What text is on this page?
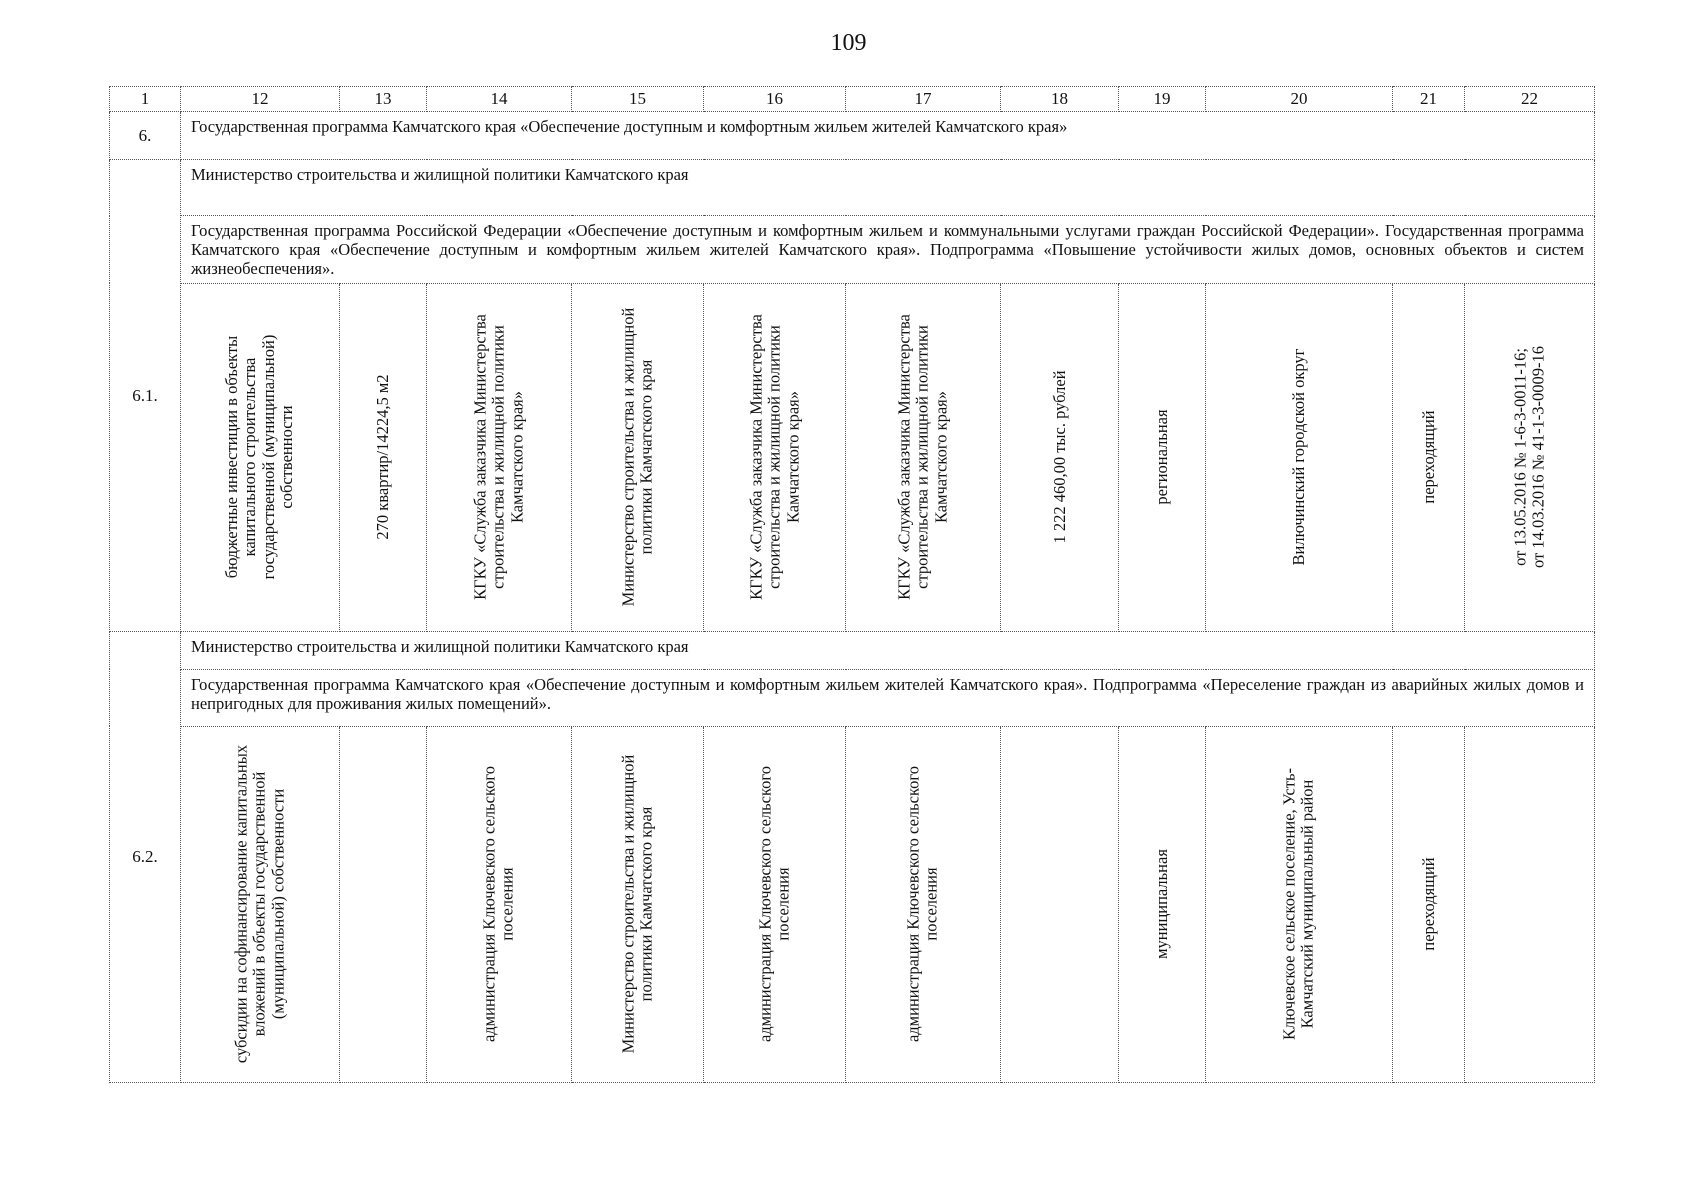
109
1	12	13	14	15	16	17	18	19	20	21	22
6.	Государственная программа Камчатского края «Обеспечение доступным и комфортным жильем жителей Камчатского края»										
6.1.	Министерство строительства и жилищной политики Камчатского края										
	Государственная программа Российской Федерации «Обеспечение доступным и комфортным жильем и коммунальными услугами граждан Российской Федерации». Государственная программа Камчатского края «Обеспечение доступным и комфортным жильем жителей Камчатского края». Подпрограмма «Повышение устойчивости жилых домов, основных объектов и систем жизнеобеспечения».										

	бюджетные инвестиции в объекты капитального строительства государственной (муниципальной) собственности	270 квартир/14224,5 м2	КГКУ «Служба заказчика Министерства строительства и жилищной политики Камчатского края»	Министерство строительства и жилищной политики Камчатского края	КГКУ «Служба заказчика Министерства строительства и жилищной политики Камчатского края»	КГКУ «Служба заказчика Министерства строительства и жилищной политики Камчатского края»	1 222 460,00 тыс. рублей	региональная	Вилючинский городской округ	переходящий	от 13.05.2016 № 1-6-3-0011-16; от 14.03.2016 № 41-1-3-0009-16

6.2.	Министерство строительства и жилищной политики Камчатского края										
	Государственная программа Камчатского края «Обеспечение доступным и комфортным жильем жителей Камчатского края». Подпрограмма «Переселение граждан из аварийных жилых домов и непригодных для проживания жилых помещений».										

	субсидии на софинансирование капитальных вложений в объекты государственной (муниципальной) собственности		администрация Ключевского сельского поселения	Министерство строительства и жилищной политики Камчатского края	администрация Ключевского сельского поселения	администрация Ключевского сельского поселения		муниципальная	Ключевское сельское поселение, Усть-Камчатский муниципальный район	переходящий	
